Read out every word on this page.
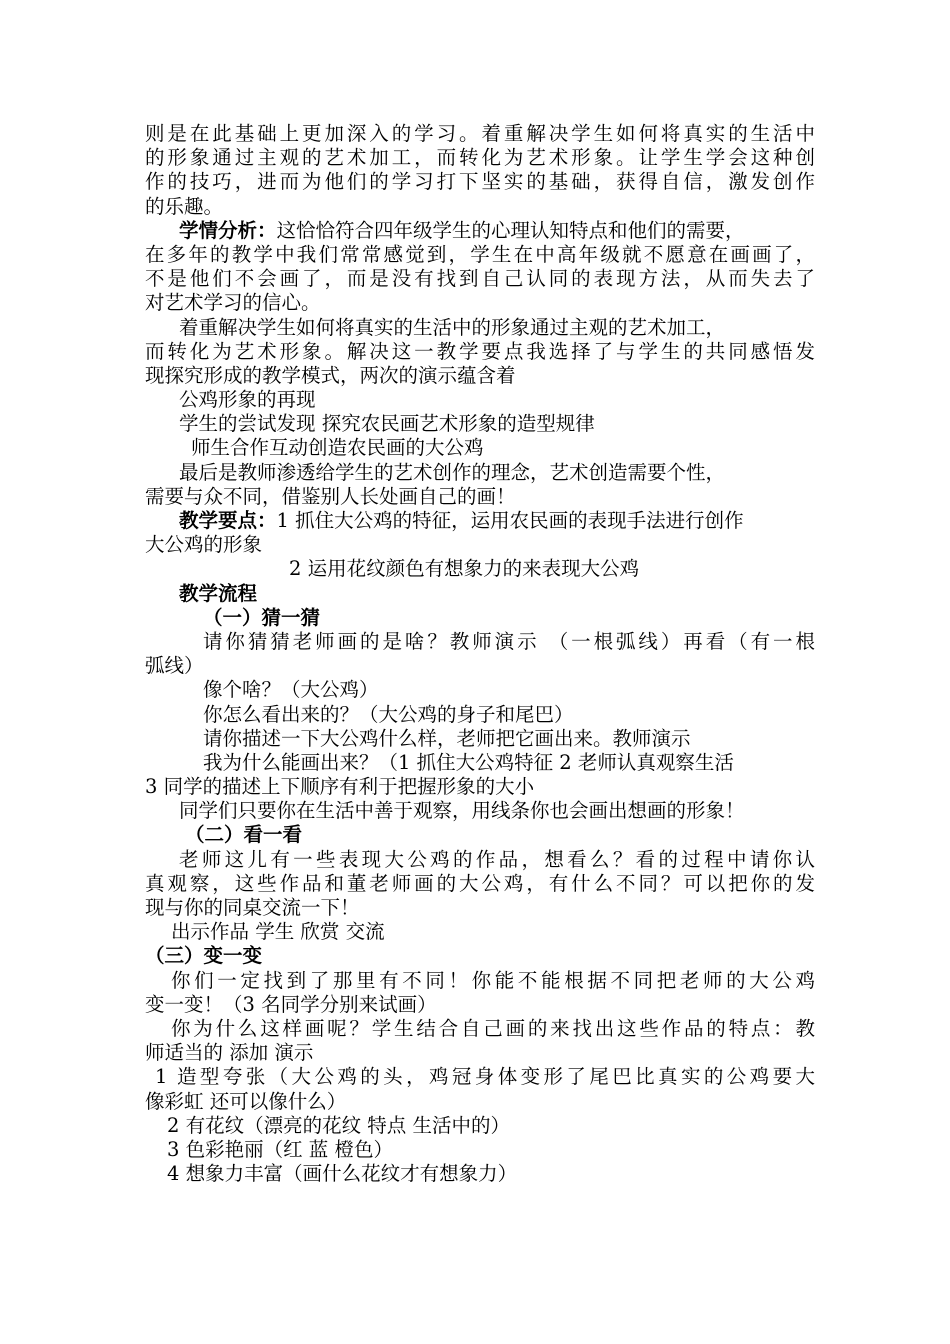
则是在此基础上更加深入的学习。着重解决学生如何将真实的生活中
的形象通过主观的艺术加工，而转化为艺术形象。让学生学会这种创
作的技巧，进而为他们的学习打下坚实的基础，获得自信，激发创作
的乐趣。
学情分析：这恰恰符合四年级学生的心理认知特点和他们的需要，
在多年的教学中我们常常感觉到，学生在中高年级就不愿意在画画了，
不是他们不会画了，而是没有找到自己认同的表现方法，从而失去了
对艺术学习的信心。
着重解决学生如何将真实的生活中的形象通过主观的艺术加工，
而转化为艺术形象。解决这一教学要点我选择了与学生的共同感悟发
现探究形成的教学模式，两次的演示蕴含着
公鸡形象的再现
学生的尝试发现 探究农民画艺术形象的造型规律
师生合作互动创造农民画的大公鸡
最后是教师渗透给学生的艺术创作的理念，艺术创造需要个性，
需要与众不同，借鉴别人长处画自己的画！
教学要点：1 抓住大公鸡的特征，运用农民画的表现手法进行创作
大公鸡的形象
2 运用花纹颜色有想象力的来表现大公鸡
教学流程
（一）猜一猜
请你猜猜老师画的是啥？教师演示 （一根弧线）再看（有一根
弧线）
像个啥？（大公鸡）
你怎么看出来的？（大公鸡的身子和尾巴）
请你描述一下大公鸡什么样，老师把它画出来。教师演示
我为什么能画出来？（1 抓住大公鸡特征 2 老师认真观察生活
3 同学的描述上下顺序有利于把握形象的大小
同学们只要你在生活中善于观察，用线条你也会画出想画的形象！
（二）看一看
老师这儿有一些表现大公鸡的作品，想看么？看的过程中请你认
真观察，这些作品和董老师画的大公鸡，有什么不同？可以把你的发
现与你的同桌交流一下！
出示作品 学生 欣赏 交流
（三）变一变
你们一定找到了那里有不同！你能不能根据不同把老师的大公鸡
变一变！（3 名同学分别来试画）
你为什么这样画呢？学生结合自己画的来找出这些作品的特点：教
师适当的 添加 演示
1 造型夸张（大公鸡的头，鸡冠身体变形了尾巴比真实的公鸡要大
像彩虹 还可以像什么）
2 有花纹（漂亮的花纹 特点 生活中的）
3 色彩艳丽（红 蓝 橙色）
4 想象力丰富（画什么花纹才有想象力）
